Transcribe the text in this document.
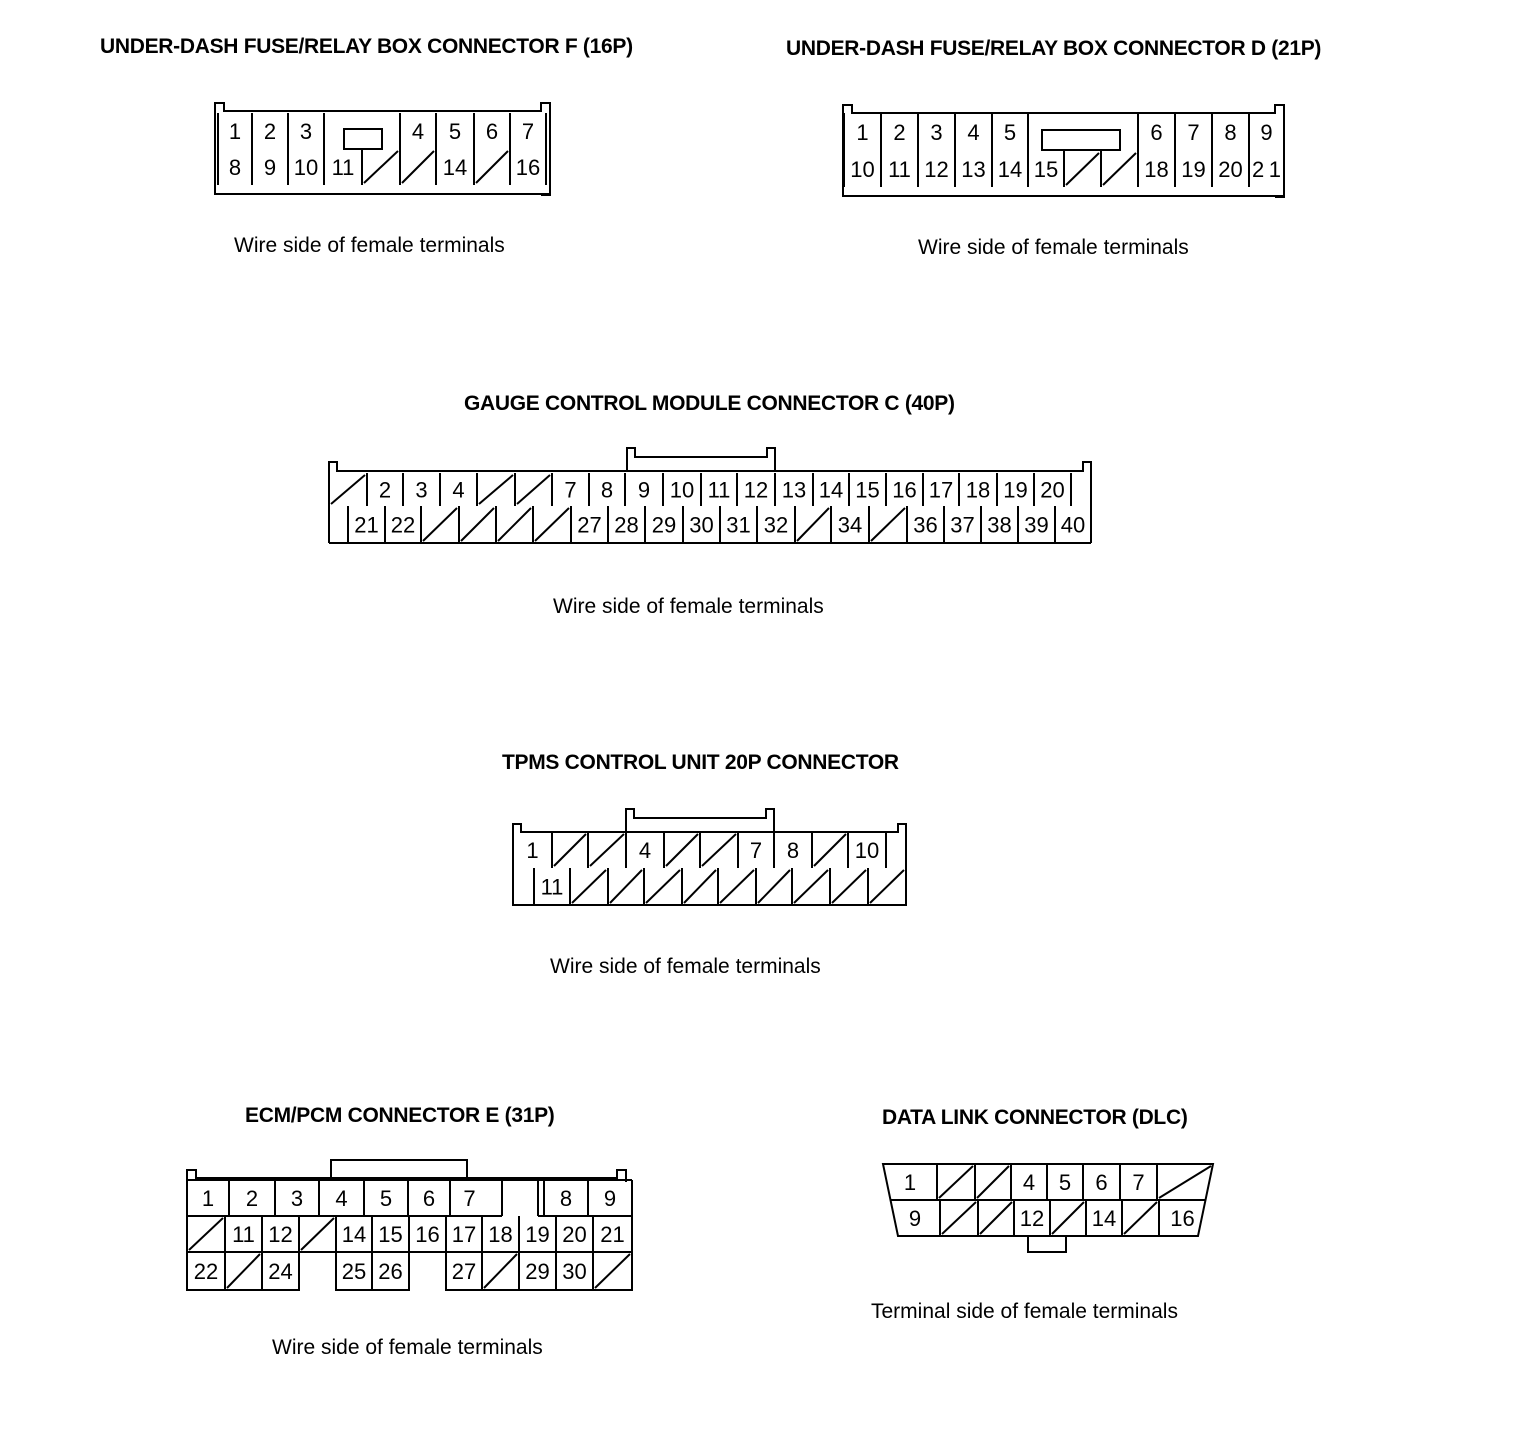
UNDER-DASH FUSE/RELAY BOX CONNECTOR F (16P)	UNDER-DASH FUSE/RELAY BOX CONNECTOR D (21P)
GAUGE CONTROL MODULE CONNECTOR C (40P)
TPMS CONTROL UNIT 20P CONNECTOR
ECM/PCM CONNECTOR E (31P)	DATA LINK CONNECTOR (DLC)
Wire side of female terminals	Wire side of female terminals
Wire side of female terminals
Wire side of female terminals
Wire side of female terminals
Terminal side of female terminals
1 2 3	4 5 6 7
8 9 10 11	14 16
1 2 3 4 5	6 7 8 9
10 11 12 13 14 15	18 19 20 21
2 3 4	7 8 9 10 11 12 13 14 15 16 17 18 19 20
21 22	27 28 29 30 31 32 34 36 37 38 39 40
1	4	7 8	10
11
1 2 3 4 5 6 7	8 9
11 12 14 15 16 17 18 19 20 21
22 24 25 26 27 29 30
1	4 5 6 7
9	12 14 16
